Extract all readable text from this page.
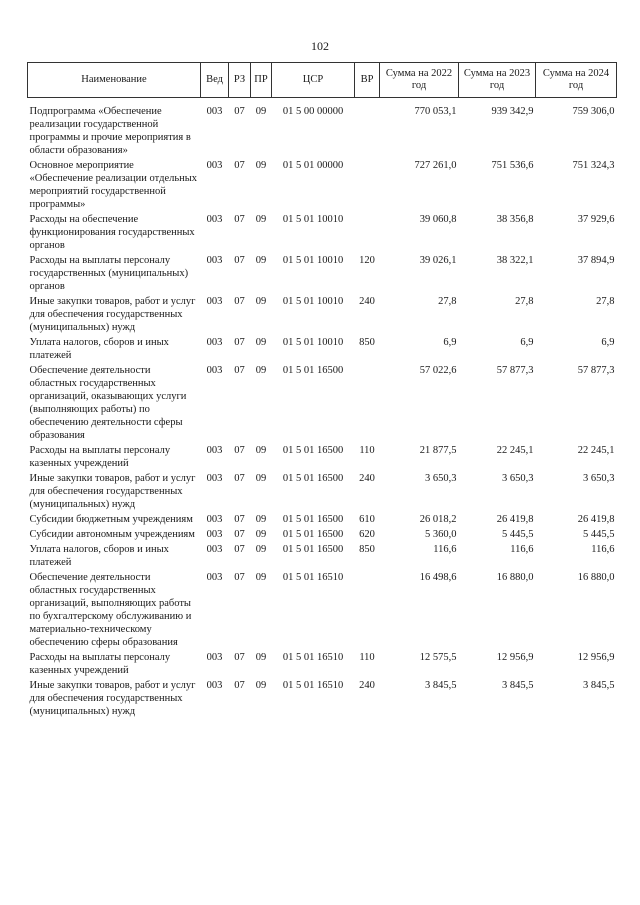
102
Наименование	Вед	РЗ	ПР	ЦСР	ВР	Сумма на 2022 год	Сумма на 2023 год	Сумма на 2024 год

Подпрограмма «Обеспечение реализации государственной программы и прочие мероприятия в области образования»	003	07	09	01 5 00 00000		770 053,1	939 342,9	759 306,0
Основное мероприятие «Обеспечение реализации отдельных мероприятий государственной программы»	003	07	09	01 5 01 00000		727 261,0	751 536,6	751 324,3
Расходы на обеспечение функционирования государственных органов	003	07	09	01 5 01 10010		39 060,8	38 356,8	37 929,6
Расходы на выплаты персоналу государственных (муниципальных) органов	003	07	09	01 5 01 10010	120	39 026,1	38 322,1	37 894,9
Иные закупки товаров, работ и услуг для обеспечения государственных (муниципальных) нужд	003	07	09	01 5 01 10010	240	27,8	27,8	27,8
Уплата налогов, сборов и иных платежей	003	07	09	01 5 01 10010	850	6,9	6,9	6,9
Обеспечение деятельности областных государственных организаций, оказывающих услуги (выполняющих работы) по обеспечению деятельности сферы образования	003	07	09	01 5 01 16500		57 022,6	57 877,3	57 877,3
Расходы на выплаты персоналу казенных учреждений	003	07	09	01 5 01 16500	110	21 877,5	22 245,1	22 245,1
Иные закупки товаров, работ и услуг для обеспечения государственных (муниципальных) нужд	003	07	09	01 5 01 16500	240	3 650,3	3 650,3	3 650,3
Субсидии бюджетным учреждениям	003	07	09	01 5 01 16500	610	26 018,2	26 419,8	26 419,8
Субсидии автономным учреждениям	003	07	09	01 5 01 16500	620	5 360,0	5 445,5	5 445,5
Уплата налогов, сборов и иных платежей	003	07	09	01 5 01 16500	850	116,6	116,6	116,6
Обеспечение деятельности областных государственных организаций, выполняющих работы по бухгалтерскому обслуживанию и материально-техническому обеспечению сферы образования	003	07	09	01 5 01 16510		16 498,6	16 880,0	16 880,0
Расходы на выплаты персоналу казенных учреждений	003	07	09	01 5 01 16510	110	12 575,5	12 956,9	12 956,9
Иные закупки товаров, работ и услуг для обеспечения государственных (муниципальных) нужд	003	07	09	01 5 01 16510	240	3 845,5	3 845,5	3 845,5
